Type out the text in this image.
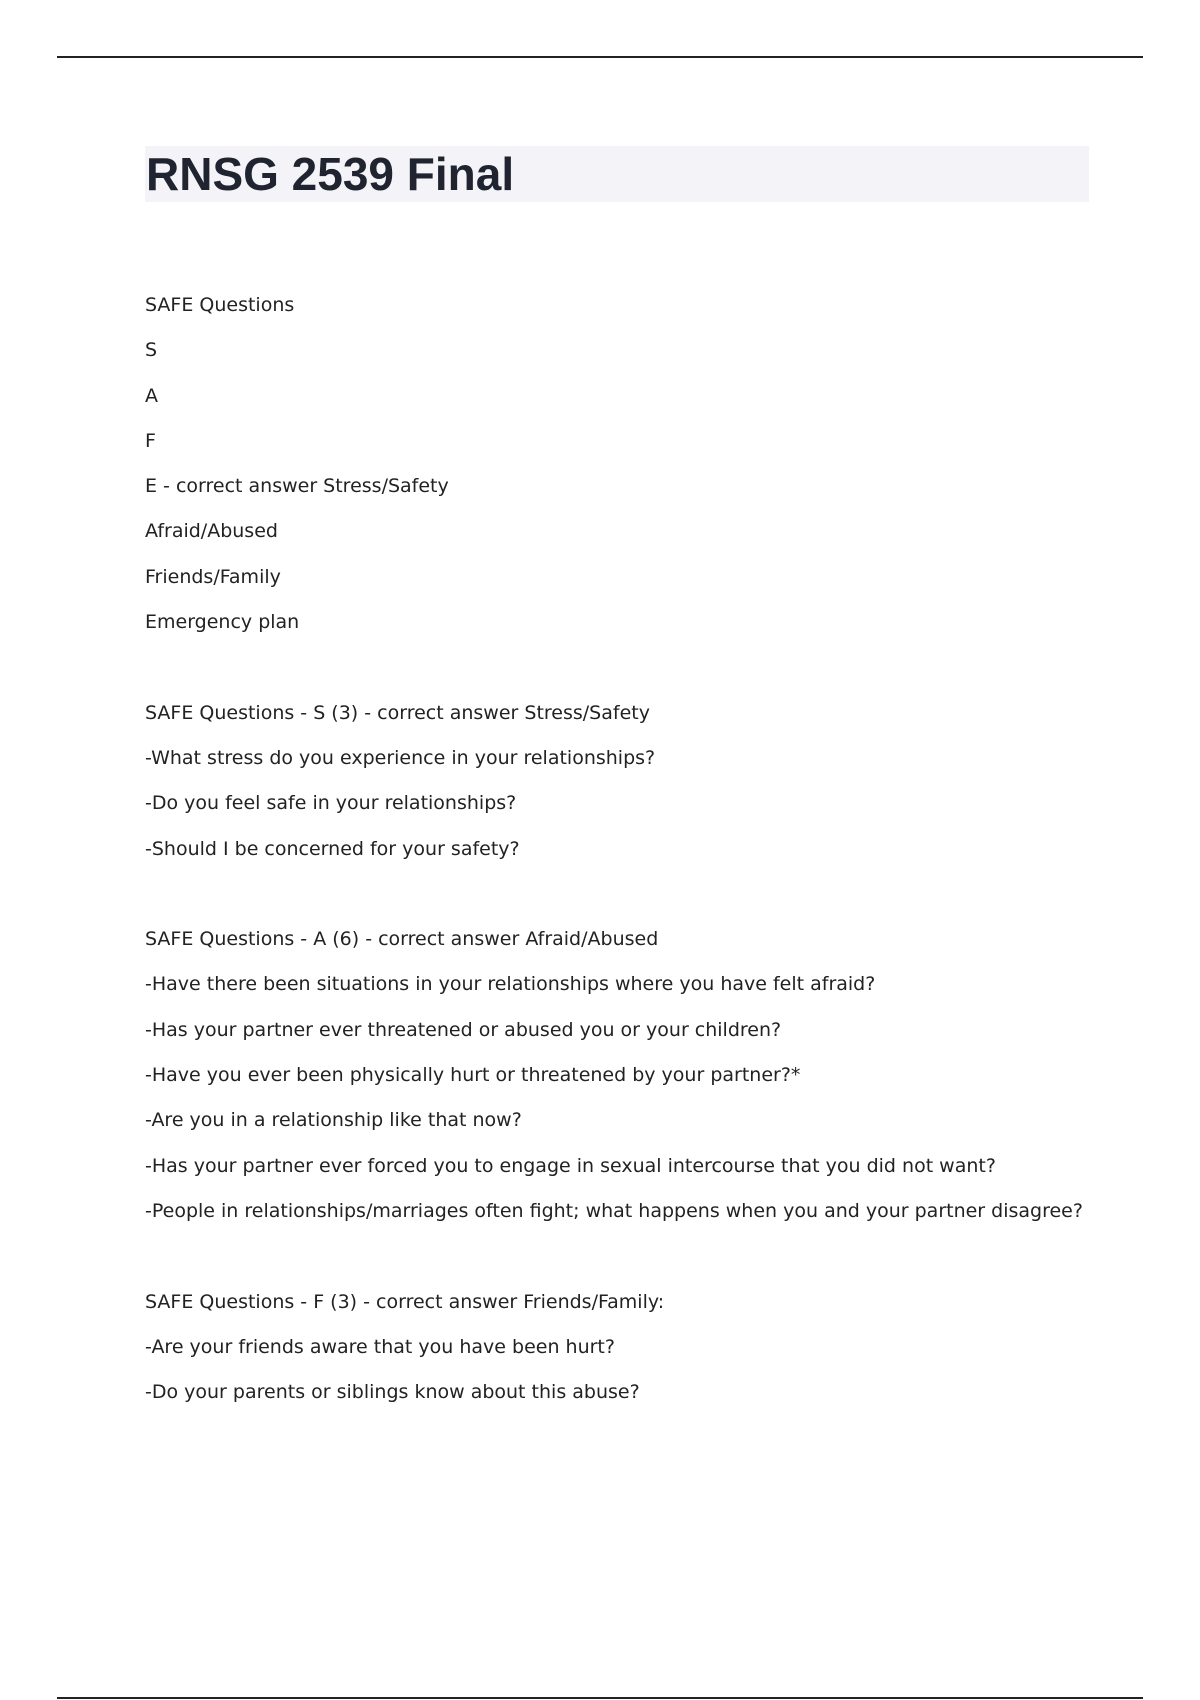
RNSG 2539 Final
SAFE Questions
S
A
F
E - correct answer Stress/Safety
Afraid/Abused
Friends/Family
Emergency plan
SAFE Questions - S (3) - correct answer Stress/Safety
-What stress do you experience in your relationships?
-Do you feel safe in your relationships?
-Should I be concerned for your safety?
SAFE Questions - A (6) - correct answer Afraid/Abused
-Have there been situations in your relationships where you have felt afraid?
-Has your partner ever threatened or abused you or your children?
-Have you ever been physically hurt or threatened by your partner?*
-Are you in a relationship like that now?
-Has your partner ever forced you to engage in sexual intercourse that you did not want?
-People in relationships/marriages often fight; what happens when you and your partner disagree?
SAFE Questions - F (3) - correct answer Friends/Family:
-Are your friends aware that you have been hurt?
-Do your parents or siblings know about this abuse?
